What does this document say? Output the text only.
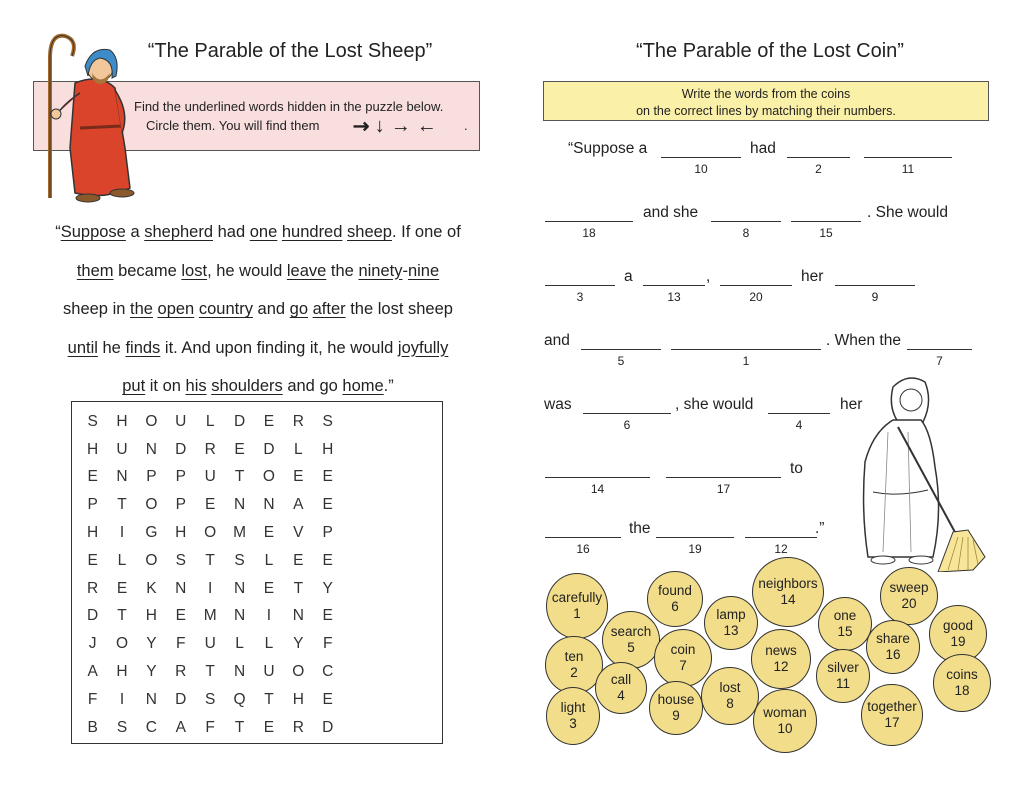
“The Parable of the Lost Sheep”
Find the underlined words hidden in the puzzle below.
Circle them. You will find them ↘↓ → ←	.
“Suppose a shepherd had one hundred sheep. If one of
them became lost, he would leave the ninety-nine
sheep in the open country and go after the lost sheep
until he finds it. And upon finding it, he would joyfully
put it on his shoulders and go home.”
S	H	O	U	L	D	E	R	S
H	U	N	D	R	E	D	L	H
E	N	P	P	U	T	O	E	E
P	T	O	P	E	N	N	A	E
H	I	G	H	O	M	E	V	P
E	L	O	S	T	S	L	E	E
R	E	K	N	I	N	E	T	Y
D	T	H	E	M	N	I	N	E
J	O	Y	F	U	L	L	Y	F
A	H	Y	R	T	N	U	O	C
F	I	N	D	S	Q	T	H	E
B	S	C	A	F	T	E	R	D
“The Parable of the Lost Coin”
Write the words from the coins
on the correct lines by matching their numbers.
“Suppose a
10
had
2	11
18
and she
8	15
. She would
3
a
13
,
20
her
9
and
5	1
. When the
7
was
6
, she would
4
her
14	17
to
16
the
19	12
.”
carefully
1
found
6
neighbors
14
sweep
20
lamp
13
one
15	good
19
search
5	coin
7
news
12
share
16
ten
2	silver
11
coins
18
call
4
lost
8
light
3
house
9	woman
10
together
17
